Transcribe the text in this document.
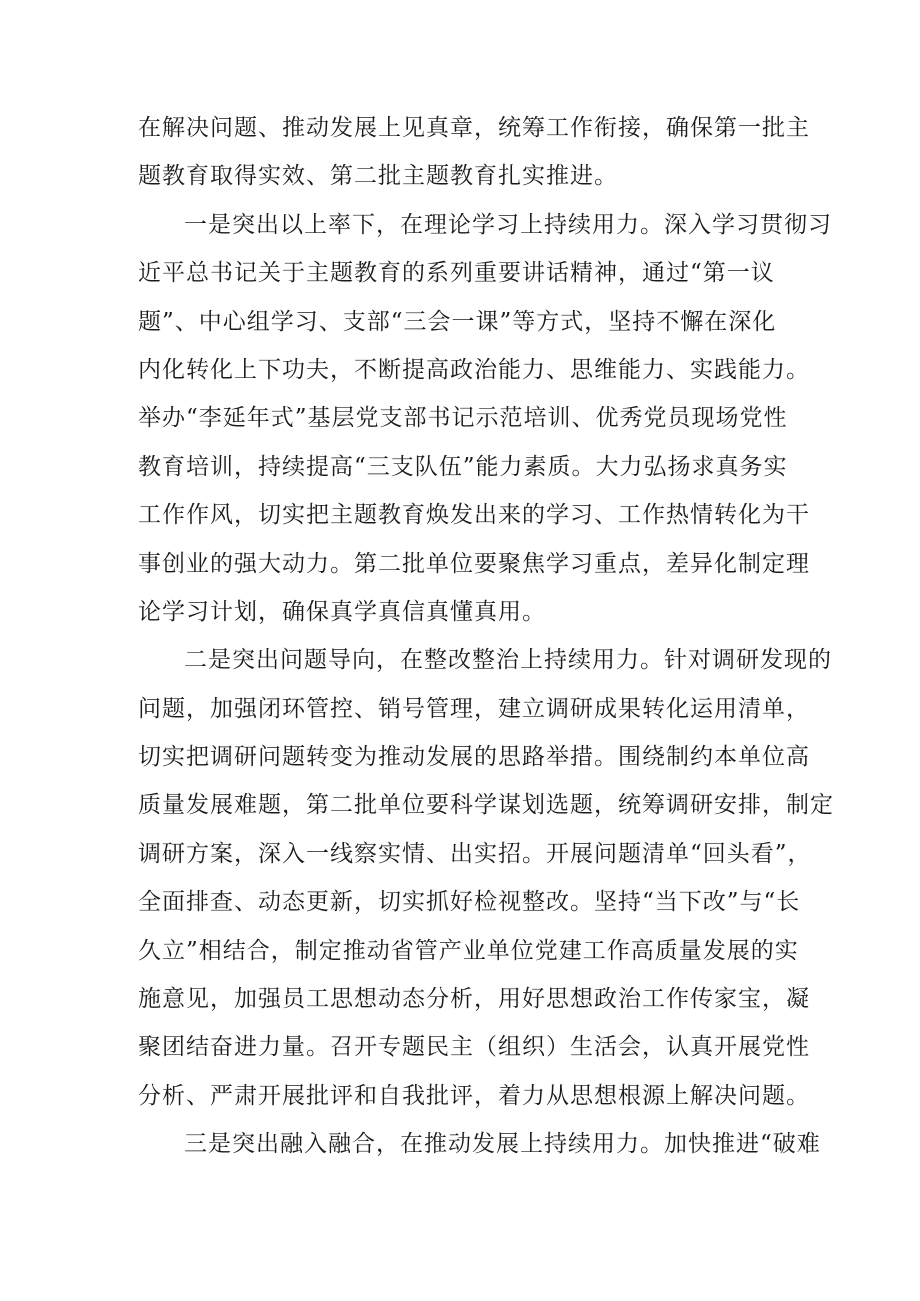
在解决问题、推动发展上见真章，统筹工作衔接，确保第一批主
题教育取得实效、第二批主题教育扎实推进。
一是突出以上率下，在理论学习上持续用力。深入学习贯彻习
近平总书记关于主题教育的系列重要讲话精神，通过“第一议
题”、中心组学习、支部“三会一课”等方式，坚持不懈在深化
内化转化上下功夫，不断提高政治能力、思维能力、实践能力。
举办“李延年式”基层党支部书记示范培训、优秀党员现场党性
教育培训，持续提高“三支队伍”能力素质。大力弘扬求真务实
工作作风，切实把主题教育焕发出来的学习、工作热情转化为干
事创业的强大动力。第二批单位要聚焦学习重点，差异化制定理
论学习计划，确保真学真信真懂真用。
二是突出问题导向，在整改整治上持续用力。针对调研发现的
问题，加强闭环管控、销号管理，建立调研成果转化运用清单，
切实把调研问题转变为推动发展的思路举措。围绕制约本单位高
质量发展难题，第二批单位要科学谋划选题，统筹调研安排，制定
调研方案，深入一线察实情、出实招。开展问题清单“回头看”，
全面排查、动态更新，切实抓好检视整改。坚持“当下改”与“长
久立”相结合，制定推动省管产业单位党建工作高质量发展的实
施意见，加强员工思想动态分析，用好思想政治工作传家宝，凝
聚团结奋进力量。召开专题民主（组织）生活会，认真开展党性
分析、严肃开展批评和自我批评，着力从思想根源上解决问题。
三是突出融入融合，在推动发展上持续用力。加快推进“破难
